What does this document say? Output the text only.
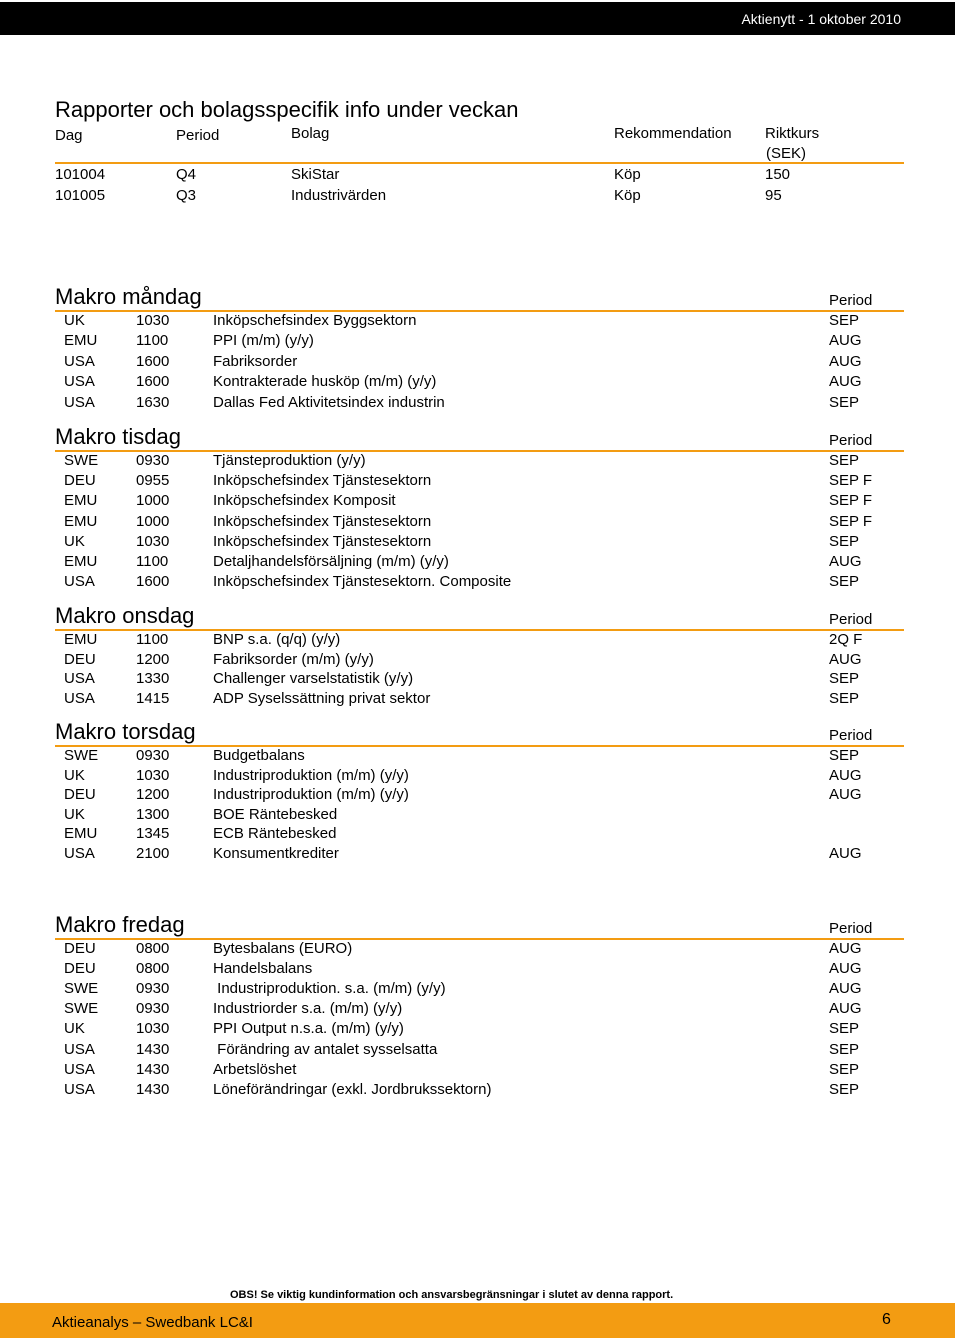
Aktienytt - 1 oktober 2010
Rapporter och bolagsspecifik info under veckan
Dag	Period	Bolag	Rekommendation Riktkurs
(SEK)
101004	Q4	SkiStar	Köp	150
101005	Q3	Industrivärden	Köp	95
Makro måndag	Period
UK	1030	Inköpschefsindex Byggsektorn	SEP
EMU	1100	PPI (m/m) (y/y)	AUG
USA	1600	Fabriksorder	AUG
USA	1600	Kontrakterade husköp (m/m) (y/y)	AUG
USA	1630	Dallas Fed Aktivitetsindex industrin	SEP
Makro tisdag	Period
SWE	0930	Tjänsteproduktion (y/y)	SEP
DEU	0955	Inköpschefsindex Tjänstesektorn	SEP F
EMU	1000	Inköpschefsindex Komposit	SEP F
EMU	1000	Inköpschefsindex Tjänstesektorn	SEP F
UK	1030	Inköpschefsindex Tjänstesektorn	SEP
EMU	1100	Detaljhandelsförsäljning (m/m) (y/y)	AUG
USA	1600	Inköpschefsindex Tjänstesektorn. Composite	SEP
Makro onsdag	Period
EMU	1100	BNP s.a. (q/q) (y/y)	2Q F
DEU	1200	Fabriksorder (m/m) (y/y)	AUG
USA	1330	Challenger varselstatistik (y/y)	SEP
USA	1415	ADP Syselssättning privat sektor	SEP
Makro torsdag	Period
SWE	0930	Budgetbalans	SEP
UK	1030	Industriproduktion (m/m) (y/y)	AUG
DEU	1200	Industriproduktion (m/m) (y/y)	AUG
UK	1300	BOE Räntebesked
EMU	1345	ECB Räntebesked
USA	2100	Konsumentkrediter	AUG
Makro fredag	Period
DEU	0800	Bytesbalans (EURO)	AUG
DEU	0800	Handelsbalans	AUG
SWE	0930	Industriproduktion. s.a. (m/m) (y/y)	AUG
SWE	0930	Industriorder s.a. (m/m) (y/y)	AUG
UK	1030	PPI Output n.s.a. (m/m) (y/y)	SEP
USA	1430	Förändring av antalet sysselsatta	SEP
USA	1430	Arbetslöshet	SEP
USA	1430	Löneförändringar (exkl. Jordbrukssektorn)	SEP
OBS! Se viktig kundinformation och ansvarsbegränsningar i slutet av denna rapport.
Aktieanalys – Swedbank LC&I	6
